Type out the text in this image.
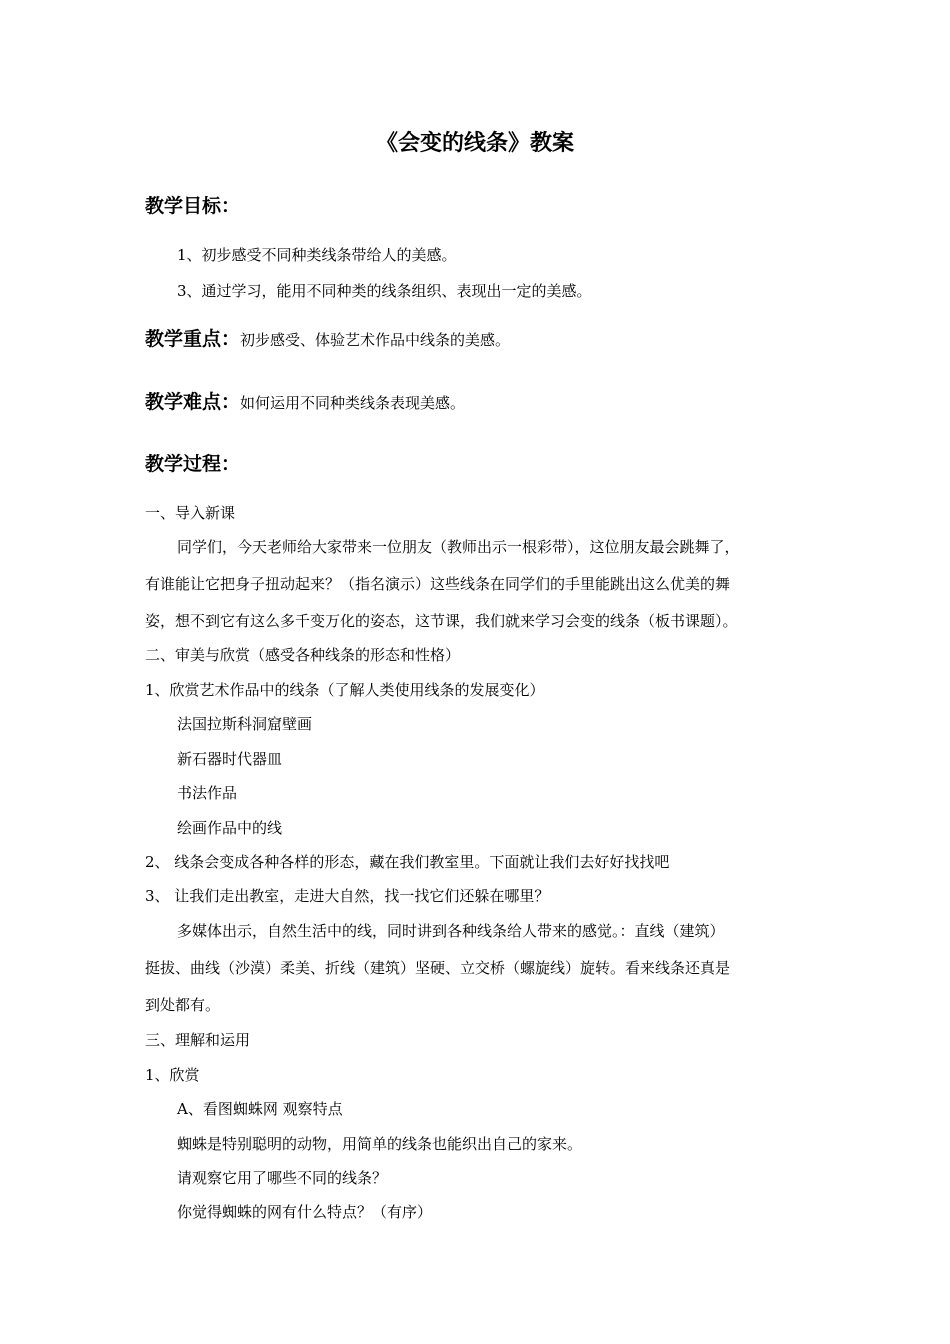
《会变的线条》教案
教学目标：
1、初步感受不同种类线条带给人的美感。
3、通过学习，能用不同种类的线条组织、表现出一定的美感。
教学重点：初步感受、体验艺术作品中线条的美感。
教学难点：如何运用不同种类线条表现美感。
教学过程：
一、导入新课
同学们，今天老师给大家带来一位朋友（教师出示一根彩带），这位朋友最会跳舞了，
有谁能让它把身子扭动起来？（指名演示）这些线条在同学们的手里能跳出这么优美的舞
姿，想不到它有这么多千变万化的姿态，这节课，我们就来学习会变的线条（板书课题）。
二、审美与欣赏（感受各种线条的形态和性格）
1、欣赏艺术作品中的线条（了解人类使用线条的发展变化）
法国拉斯科洞窟壁画
新石器时代器皿
书法作品
绘画作品中的线
2、 线条会变成各种各样的形态，藏在我们教室里。下面就让我们去好好找找吧
3、 让我们走出教室，走进大自然，找一找它们还躲在哪里？
多媒体出示，自然生活中的线，同时讲到各种线条给人带来的感觉。：直线（建筑）
挺拔、曲线（沙漠）柔美、折线（建筑）坚硬、立交桥（螺旋线）旋转。看来线条还真是
到处都有。
三、理解和运用
1、欣赏
A、看图蜘蛛网 观察特点
蜘蛛是特别聪明的动物，用简单的线条也能织出自己的家来。
请观察它用了哪些不同的线条？
你觉得蜘蛛的网有什么特点？（有序）
